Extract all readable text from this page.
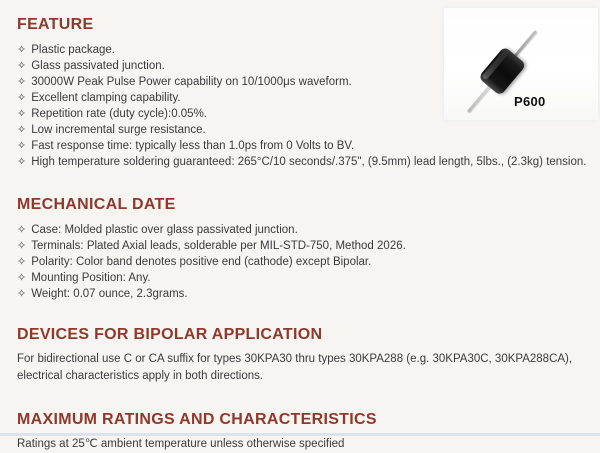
FEATURE
✧ Plastic package.
✧ Glass passivated junction.
✧ 30000W Peak Pulse Power capability on 10/1000μs waveform.
✧ Excellent clamping capability.
✧ Repetition rate (duty cycle):0.05%.
✧ Low incremental surge resistance.
✧ Fast response time: typically less than 1.0ps from 0 Volts to BV.
✧ High temperature soldering guaranteed: 265°C/10 seconds/.375", (9.5mm) lead length, 5lbs., (2.3kg) tension.
MECHANICAL DATE
✧ Case: Molded plastic over glass passivated junction.
✧ Terminals: Plated Axial leads, solderable per MIL-STD-750, Method 2026.
✧ Polarity: Color band denotes positive end (cathode) except Bipolar.
✧ Mounting Position: Any.
✧ Weight: 0.07 ounce, 2.3grams.
DEVICES FOR BIPOLAR APPLICATION
For bidirectional use C or CA suffix for types 30KPA30 thru types 30KPA288 (e.g. 30KPA30C, 30KPA288CA), electrical characteristics apply in both directions.
MAXIMUM RATINGS AND CHARACTERISTICS
Ratings at 25℃ ambient temperature unless otherwise specified
P600
